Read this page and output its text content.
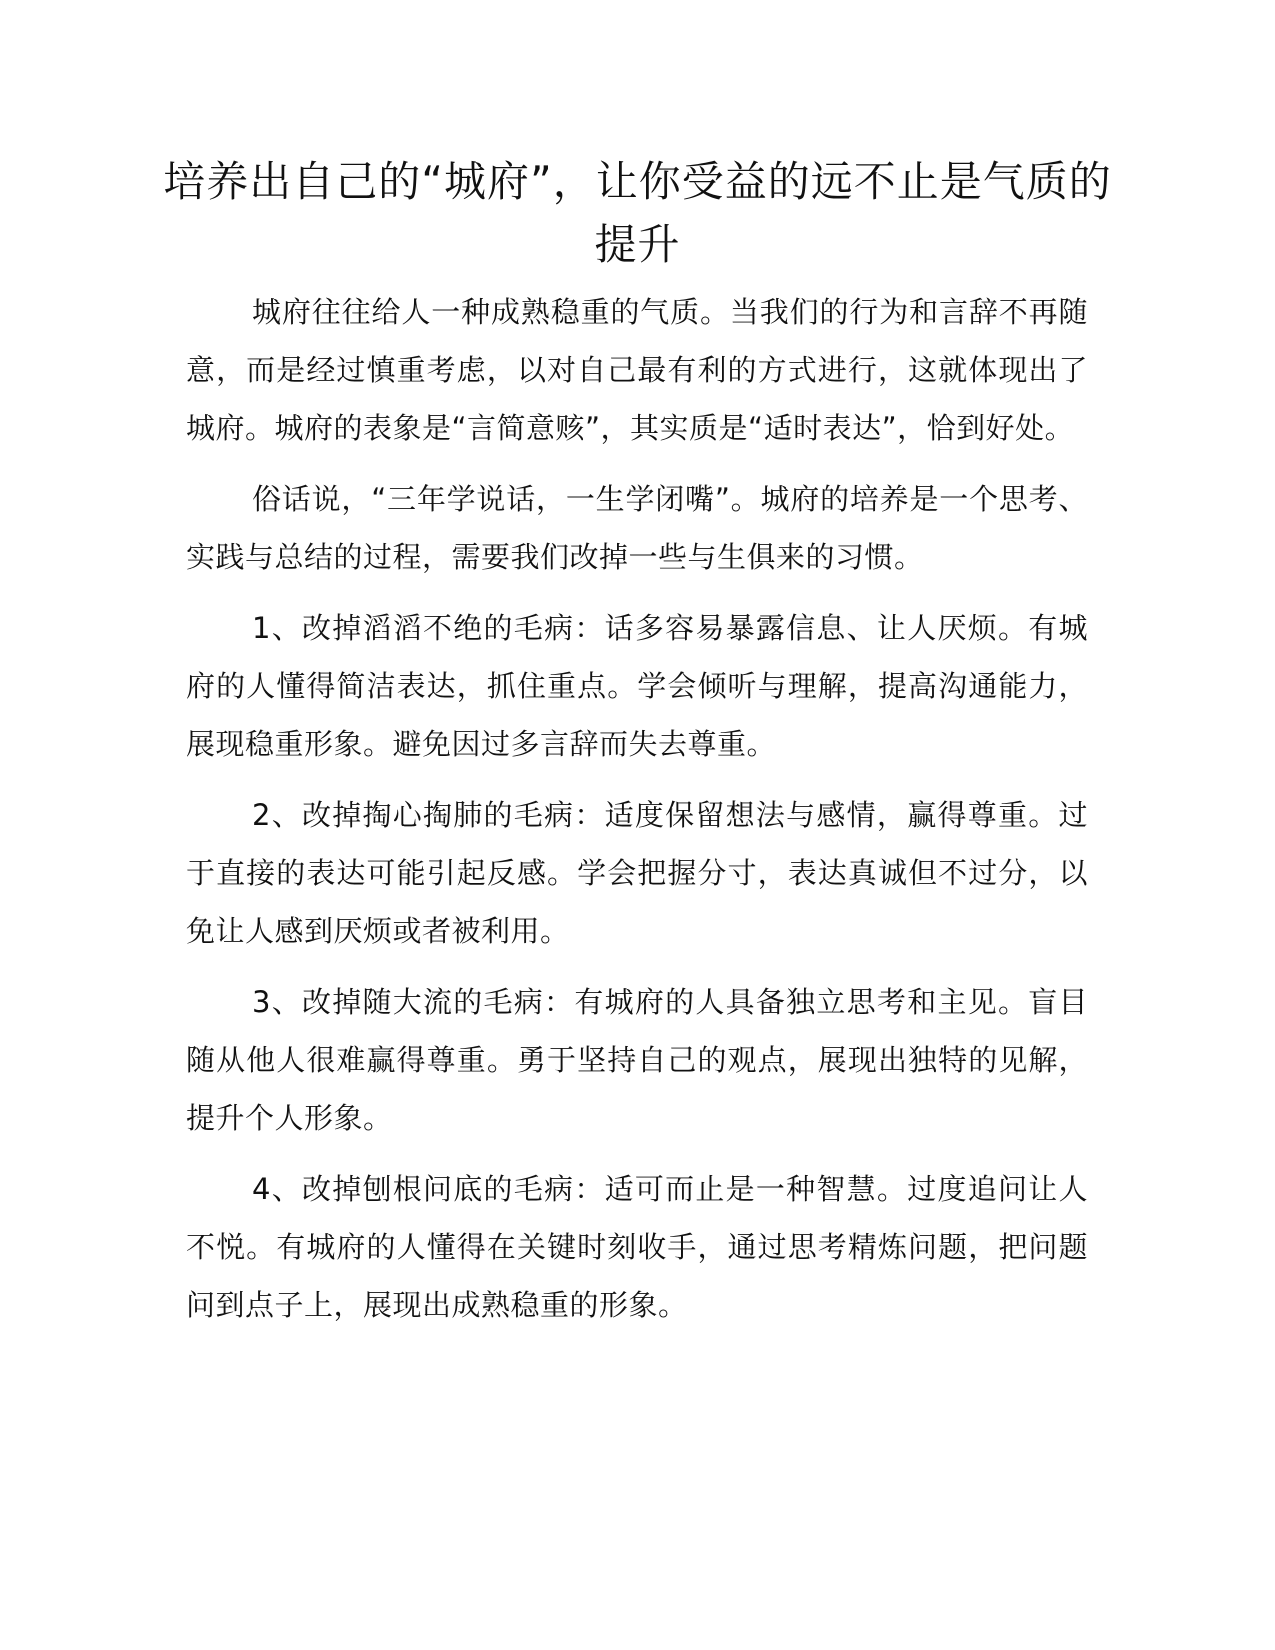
培养出自己的“城府”，让你受益的远不止是气质的提升

城府往往给人一种成熟稳重的气质。当我们的行为和言辞不再随意，而是经过慎重考虑，以对自己最有利的方式进行，这就体现出了城府。城府的表象是“言简意赅”，其实质是“适时表达”，恰到好处。

俗话说，“三年学说话，一生学闭嘴”。城府的培养是一个思考、实践与总结的过程，需要我们改掉一些与生俱来的习惯。

1、改掉滔滔不绝的毛病：话多容易暴露信息、让人厌烦。有城府的人懂得简洁表达，抓住重点。学会倾听与理解，提高沟通能力，展现稳重形象。避免因过多言辞而失去尊重。

2、改掉掏心掏肺的毛病：适度保留想法与感情，赢得尊重。过于直接的表达可能引起反感。学会把握分寸，表达真诚但不过分，以免让人感到厌烦或者被利用。

3、改掉随大流的毛病：有城府的人具备独立思考和主见。盲目随从他人很难赢得尊重。勇于坚持自己的观点，展现出独特的见解，提升个人形象。

4、改掉刨根问底的毛病：适可而止是一种智慧。过度追问让人不悦。有城府的人懂得在关键时刻收手，通过思考精炼问题，把问题问到点子上，展现出成熟稳重的形象。
